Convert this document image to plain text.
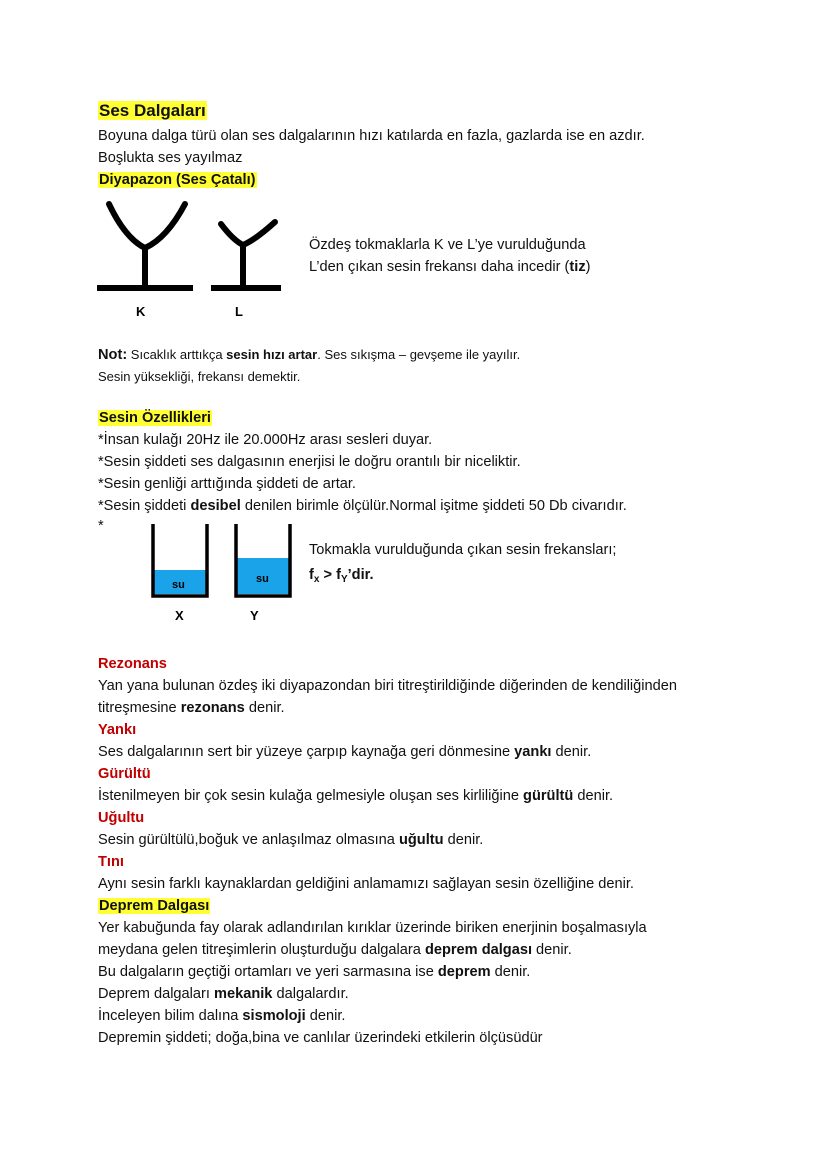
Ses Dalgaları
Boyuna dalga türü olan ses dalgalarının hızı katılarda en fazla, gazlarda ise en azdır.
Boşlukta ses yayılmaz
Diyapazon (Ses Çatalı)
K	L
Özdeş tokmaklarla K ve L’ye vurulduğunda
L’den çıkan sesin frekansı daha incedir (tiz)
Not: Sıcaklık arttıkça sesin hızı artar. Ses sıkışma – gevşeme ile yayılır.
Sesin yüksekliği, frekansı demektir.
Sesin Özellikleri
*İnsan kulağı 20Hz ile 20.000Hz arası sesleri duyar.
*Sesin şiddeti ses dalgasının enerjisi le doğru orantılı bir niceliktir.
*Sesin genliği arttığında şiddeti de artar.
*Sesin şiddeti desibel denilen birimle ölçülür.Normal işitme şiddeti 50 Db civarıdır.
*
su	su
X	Y
Tokmakla vurulduğunda çıkan sesin frekansları;
$f_x$ > $f_Y’dir$.
Rezonans
Yan yana bulunan özdeş iki diyapazondan biri titreştirildiğinde diğerinden de kendiliğinden
titreşmesine rezonans denir.
Yankı
Ses dalgalarının sert bir yüzeye çarpıp kaynağa geri dönmesine yankı denir.
Gürültü
İstenilmeyen bir çok sesin kulağa gelmesiyle oluşan ses kirliliğine gürültü denir.
Uğultu
Sesin gürültülü,boğuk ve anlaşılmaz olmasına uğultu denir.
Tını
Aynı sesin farklı kaynaklardan geldiğini anlamamızı sağlayan sesin özelliğine denir.
Deprem Dalgası
Yer kabuğunda fay olarak adlandırılan kırıklar üzerinde biriken enerjinin boşalmasıyla
meydana gelen titreşimlerin oluşturduğu dalgalara deprem dalgası denir.
Bu dalgaların geçtiği ortamları ve yeri sarmasına ise deprem denir.
Deprem dalgaları mekanik dalgalardır.
İnceleyen bilim dalına sismoloji denir.
Depremin şiddeti; doğa,bina ve canlılar üzerindeki etkilerin ölçüsüdür
